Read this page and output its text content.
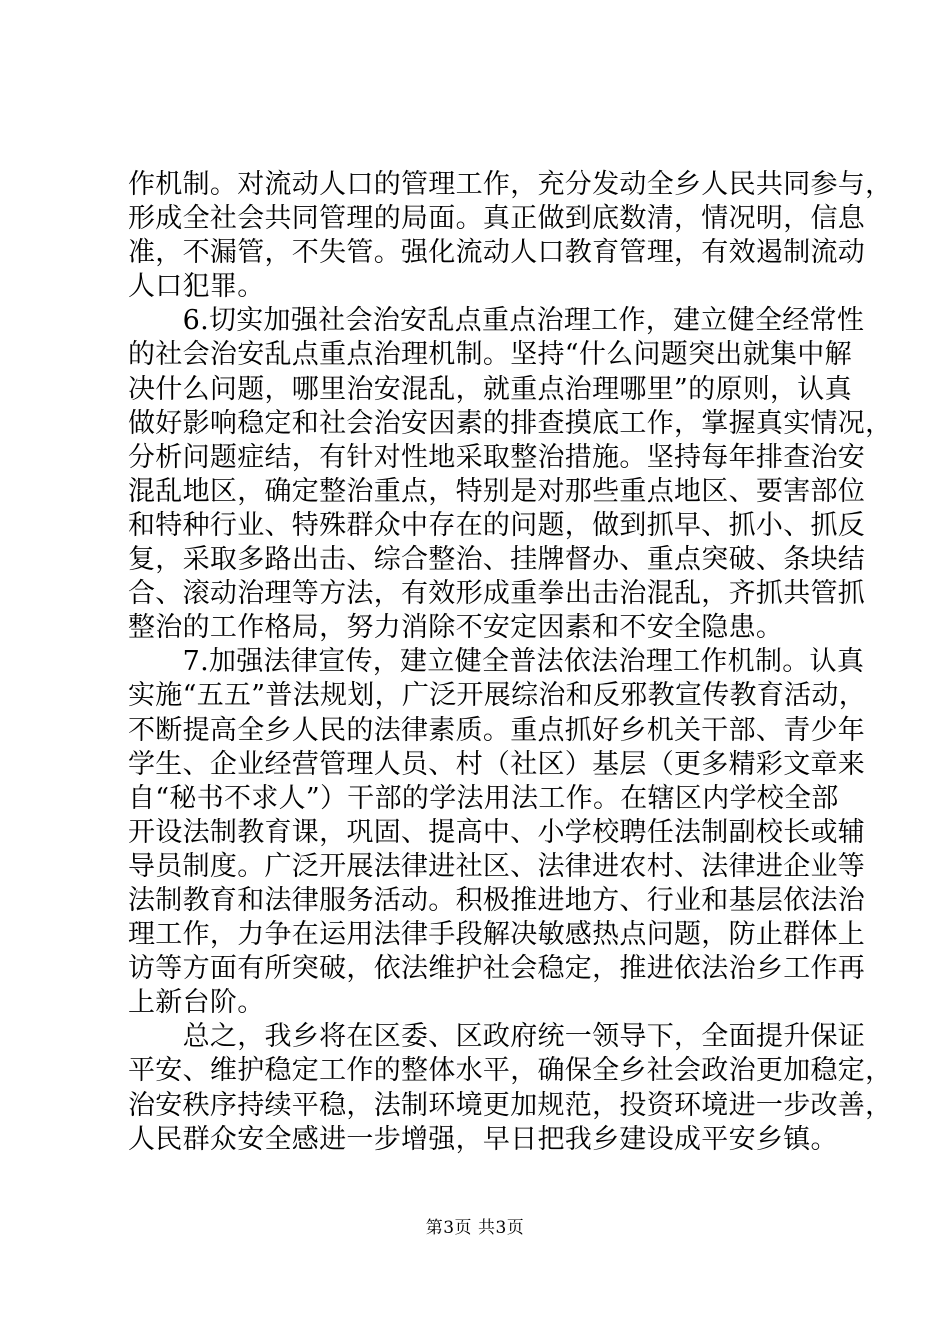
作机制。对流动人口的管理工作，充分发动全乡人民共同参与，
形成全社会共同管理的局面。真正做到底数清，情况明，信息
准，不漏管，不失管。强化流动人口教育管理，有效遏制流动
人口犯罪。
　　6.切实加强社会治安乱点重点治理工作，建立健全经常性
的社会治安乱点重点治理机制。坚持“什么问题突出就集中解
决什么问题，哪里治安混乱，就重点治理哪里”的原则，认真
做好影响稳定和社会治安因素的排查摸底工作，掌握真实情况，
分析问题症结，有针对性地采取整治措施。坚持每年排查治安
混乱地区，确定整治重点，特别是对那些重点地区、要害部位
和特种行业、特殊群众中存在的问题，做到抓早、抓小、抓反
复，采取多路出击、综合整治、挂牌督办、重点突破、条块结
合、滚动治理等方法，有效形成重拳出击治混乱，齐抓共管抓
整治的工作格局，努力消除不安定因素和不安全隐患。
　　7.加强法律宣传，建立健全普法依法治理工作机制。认真
实施“五五”普法规划，广泛开展综治和反邪教宣传教育活动，
不断提高全乡人民的法律素质。重点抓好乡机关干部、青少年
学生、企业经营管理人员、村（社区）基层（更多精彩文章来
自“秘书不求人”）干部的学法用法工作。在辖区内学校全部
开设法制教育课，巩固、提高中、小学校聘任法制副校长或辅
导员制度。广泛开展法律进社区、法律进农村、法律进企业等
法制教育和法律服务活动。积极推进地方、行业和基层依法治
理工作，力争在运用法律手段解决敏感热点问题，防止群体上
访等方面有所突破，依法维护社会稳定，推进依法治乡工作再
上新台阶。
　　总之，我乡将在区委、区政府统一领导下，全面提升保证
平安、维护稳定工作的整体水平，确保全乡社会政治更加稳定，
治安秩序持续平稳，法制环境更加规范，投资环境进一步改善，
人民群众安全感进一步增强，早日把我乡建设成平安乡镇。
第3页 共3页
